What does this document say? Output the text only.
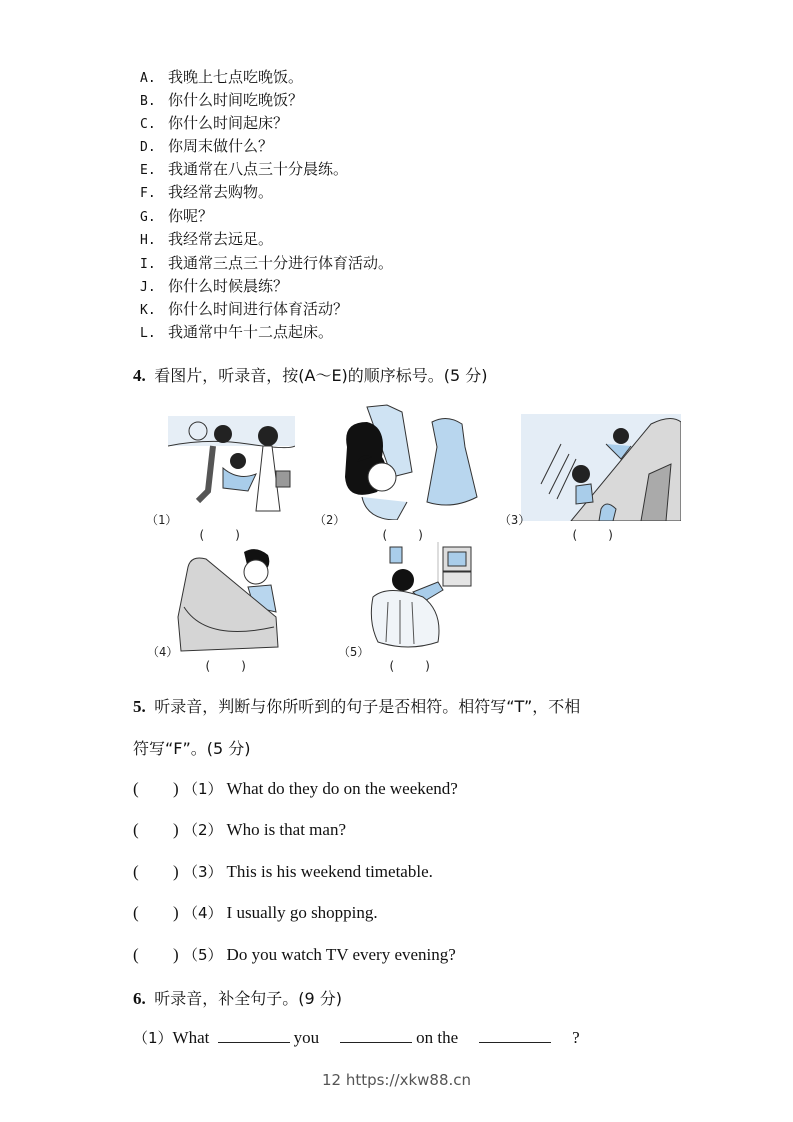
A. 我晚上七点吃晚饭。
B. 你什么时间吃晚饭？
C. 你什么时间起床？
D. 你周末做什么？
E. 我通常在八点三十分晨练。
F. 我经常去购物。
G. 你呢？
H. 我经常去远足。
I. 我通常三点三十分进行体育活动。
J. 你什么时候晨练？
K. 你什么时间进行体育活动？
L. 我通常中午十二点起床。
4. 看图片，听录音，按(A～E)的顺序标号。(5 分)
（1）
(    )
（2）
(    )
（3）
(    )
（4）
(    )
（5）
(    )
5. 听录音，判断与你所听到的句子是否相符。相符写“T”，不相
符写“F”。(5 分)
( ) （1） What do they do on the weekend?
( ) （2） Who is that man?
( ) （3） This is his weekend timetable.
( ) （4） I usually go shopping.
( ) （5） Do you watch TV every evening?
6. 听录音，补全句子。(9 分)
（1）What	you	on the	?
12 https://xkw88.cn
